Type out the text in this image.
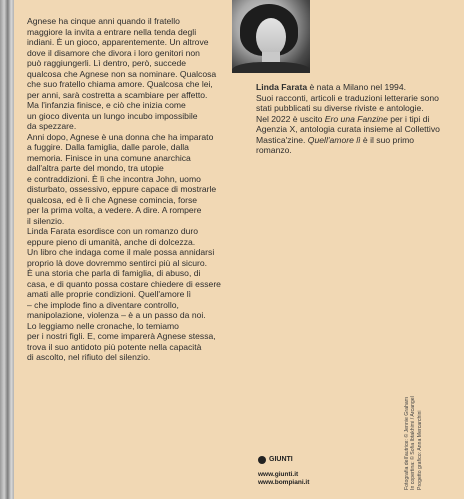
Agnese ha cinque anni quando il fratello
maggiore la invita a entrare nella tenda degli
indiani. È un gioco, apparentemente. Un altrove
dove il disamore che divora i loro genitori non
può raggiungerli. Lì dentro, però, succede
qualcosa che Agnese non sa nominare. Qualcosa
che suo fratello chiama amore. Qualcosa che lei,
per anni, sarà costretta a scambiare per affetto.
Ma l'infanzia finisce, e ciò che inizia come
un gioco diventa un lungo incubo impossibile
da spezzare.

Anni dopo, Agnese è una donna che ha imparato
a fuggire. Dalla famiglia, dalle parole, dalla
memoria. Finisce in una comune anarchica
dall'altra parte del mondo, tra utopie
e contraddizioni. È lì che incontra John, uomo
disturbato, ossessivo, eppure capace di mostrarle
qualcosa, ed è lì che Agnese comincia, forse
per la prima volta, a vedere. A dire. A rompere
il silenzio.

Linda Farata esordisce con un romanzo duro
eppure pieno di umanità, anche di dolcezza.
Un libro che indaga come il male possa annidarsi
proprio là dove dovremmo sentirci più al sicuro.
È una storia che parla di famiglia, di abuso, di
casa, e di quanto possa costare chiedere di essere
amati alle proprie condizioni. Quell'amore lì
– che implode fino a diventare controllo,
manipolazione, violenza – è a un passo da noi.
Lo leggiamo nelle cronache, lo temiamo
per i nostri figli. E, come imparerà Agnese stessa,
trova il suo antidoto più potente nella capacità
di ascolto, nel rifiuto del silenzio.

Linda Farata è nata a Milano nel 1994.
Suoi racconti, articoli e traduzioni letterarie sono stati pubblicati su diverse riviste e antologie.
Nel 2022 è uscito Ero una Fanzine per i tipi di Agenzia X, antologia curata insieme al Collettivo Mastica'zine. Quell'amore lì è il suo primo romanzo.
GIUNTI
www.giunti.it
www.bompiani.it	Fotografia dell'autrice: © Jennie Graham In copertina: © Sofia Ibtakhimi / Arcangel Progetto grafico: Anna Mercarchini
